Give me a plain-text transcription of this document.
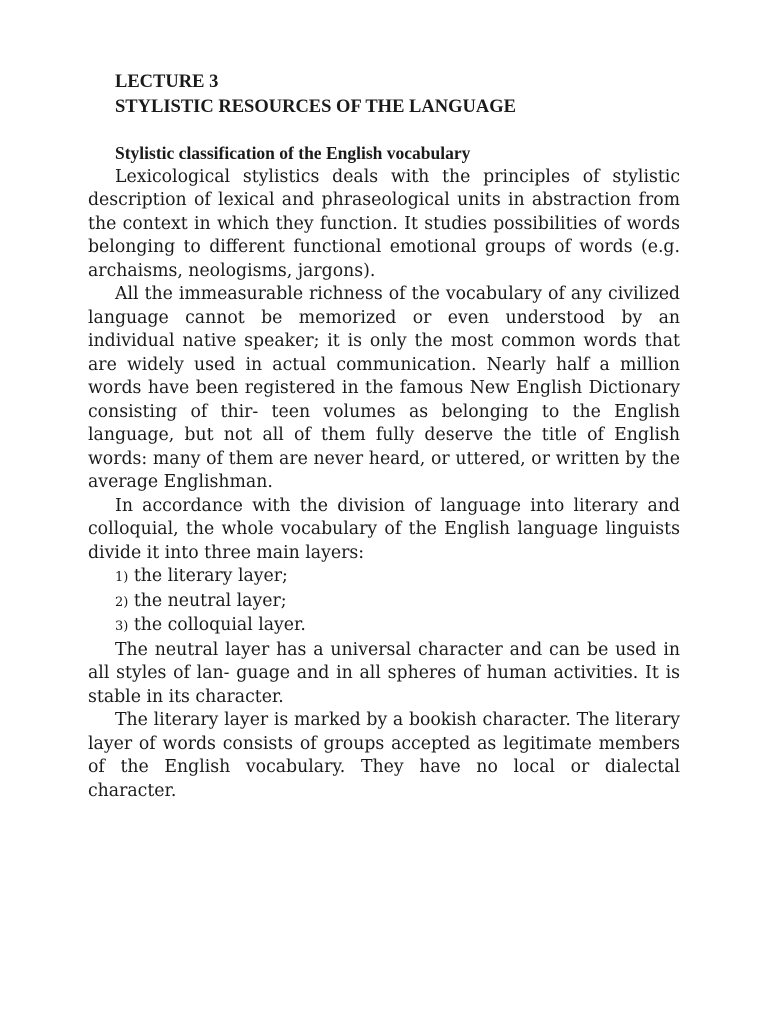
LECTURE 3

STYLISTIC RESOURCES OF THE LANGUAGE

Stylistic classification of the English vocabulary

Lexicological stylistics deals with the principles of stylistic description of lexical and phraseological units in abstraction from the context in which they function. It studies possibilities of words belonging to different functional emotional groups of words (e.g. archaisms, neologisms, jargons).

All the immeasurable richness of the vocabulary of any civilized language cannot be memorized or even understood by an individual native speaker; it is only the most common words that are widely used in actual communication. Nearly half a million words have been registered in the famous New English Dictionary consisting of thir- teen volumes as belonging to the English language, but not all of them fully deserve the title of English words: many of them are never heard, or uttered, or written by the average Englishman.

In accordance with the division of language into literary and colloquial, the whole vocabulary of the English language linguists divide it into three main layers:

1) the literary layer;
2) the neutral layer;
3) the colloquial layer.

The neutral layer has a universal character and can be used in all styles of lan- guage and in all spheres of human activities. It is stable in its character.

The literary layer is marked by a bookish character. The literary layer of words consists of groups accepted as legitimate members of the English vocabulary. They have no local or dialectal character.
